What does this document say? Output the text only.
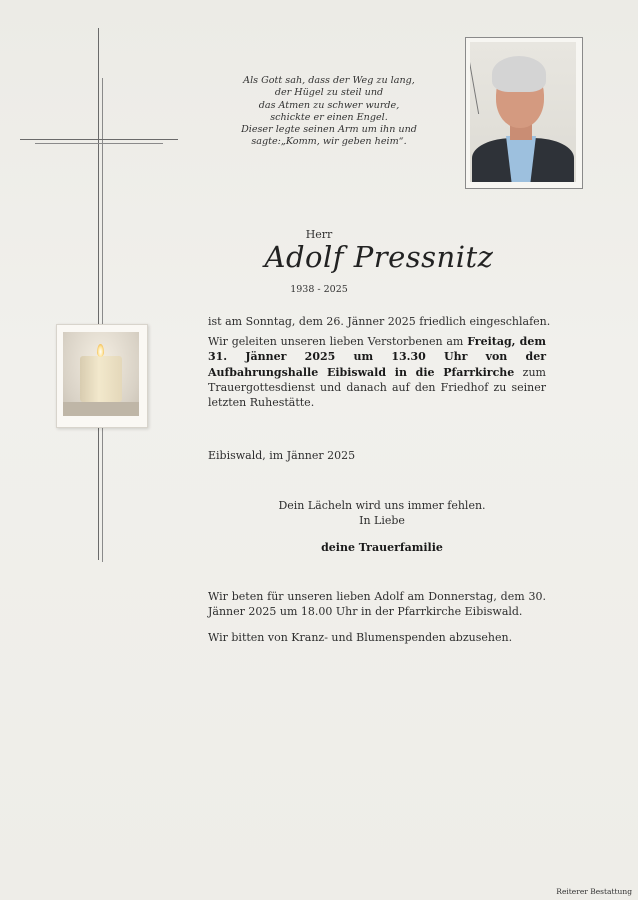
Als Gott sah, dass der Weg zu lang,
der Hügel zu steil und
das Atmen zu schwer wurde,
schickte er einen Engel.
Dieser legte seinen Arm um ihn und
sagte:„Komm, wir geben heim“.
Herr
Adolf Pressnitz
1938 - 2025
ist am Sonntag, dem 26. Jänner 2025 friedlich eingeschlafen.
Wir geleiten unseren lieben Verstorbenen am Freitag, dem 31. Jänner 2025 um 13.30 Uhr von der Aufbahrungshalle Eibiswald in die Pfarrkirche zum Trauergottesdienst und danach auf den Friedhof zu seiner letzten Ruhestätte.
Eibiswald, im Jänner 2025
Dein Lächeln wird uns immer fehlen.
In Liebe
deine Trauerfamilie
Wir beten für unseren lieben Adolf am Donnerstag, dem 30. Jänner 2025 um 18.00 Uhr in der Pfarrkirche Eibiswald.
Wir bitten von Kranz- und Blumenspenden abzusehen.
Reiterer Bestattung
